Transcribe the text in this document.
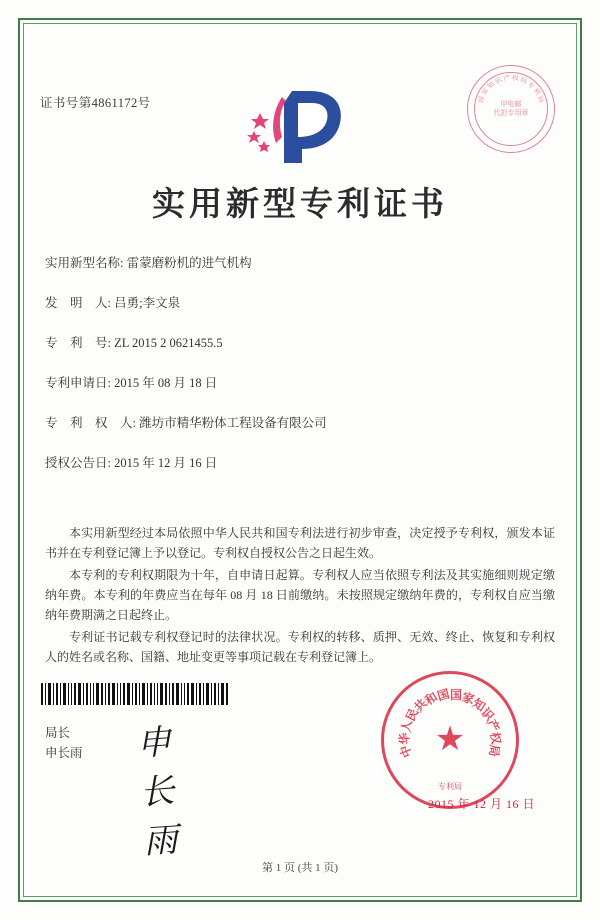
证书号第4861172号	国
家
知
识 产 权 局
专
利
局
甲电邮
代担专用章
实用新型专利证书
实用新型名称: 雷蒙磨粉机的进气机构
发　明　人: 吕勇;李文泉
专　利　号: ZL 2015 2 0621455.5
专利申请日: 2015 年 08 月 18 日
专　利　权　人: 潍坊市精华粉体工程设备有限公司
授权公告日: 2015 年 12 月 16 日

本实用新型经过本局依照中华人民共和国专利法进行初步审查，决定授予专利权，颁发本证书并在专利登记簿上予以登记。专利权自授权公告之日起生效。

本专利的专利权期限为十年，自申请日起算。专利权人应当依照专利法及其实施细则规定缴纳年费。本专利的年费应当在每年 08 月 18 日前缴纳。未按照规定缴纳年费的，专利权自应当缴纳年费期满之日起终止。

专利证书记载专利权登记时的法律状况。专利权的转移、质押、无效、终止、恢复和专利权人的姓名或名称、国籍、地址变更等事项记载在专利登记簿上。

局长
申长雨 申长雨
★
中
华
人
民
共
和
国
国
家
知
识
产
权
局
专利局
2015 年 12 月 16 日
第 1 页 (共 1 页)
